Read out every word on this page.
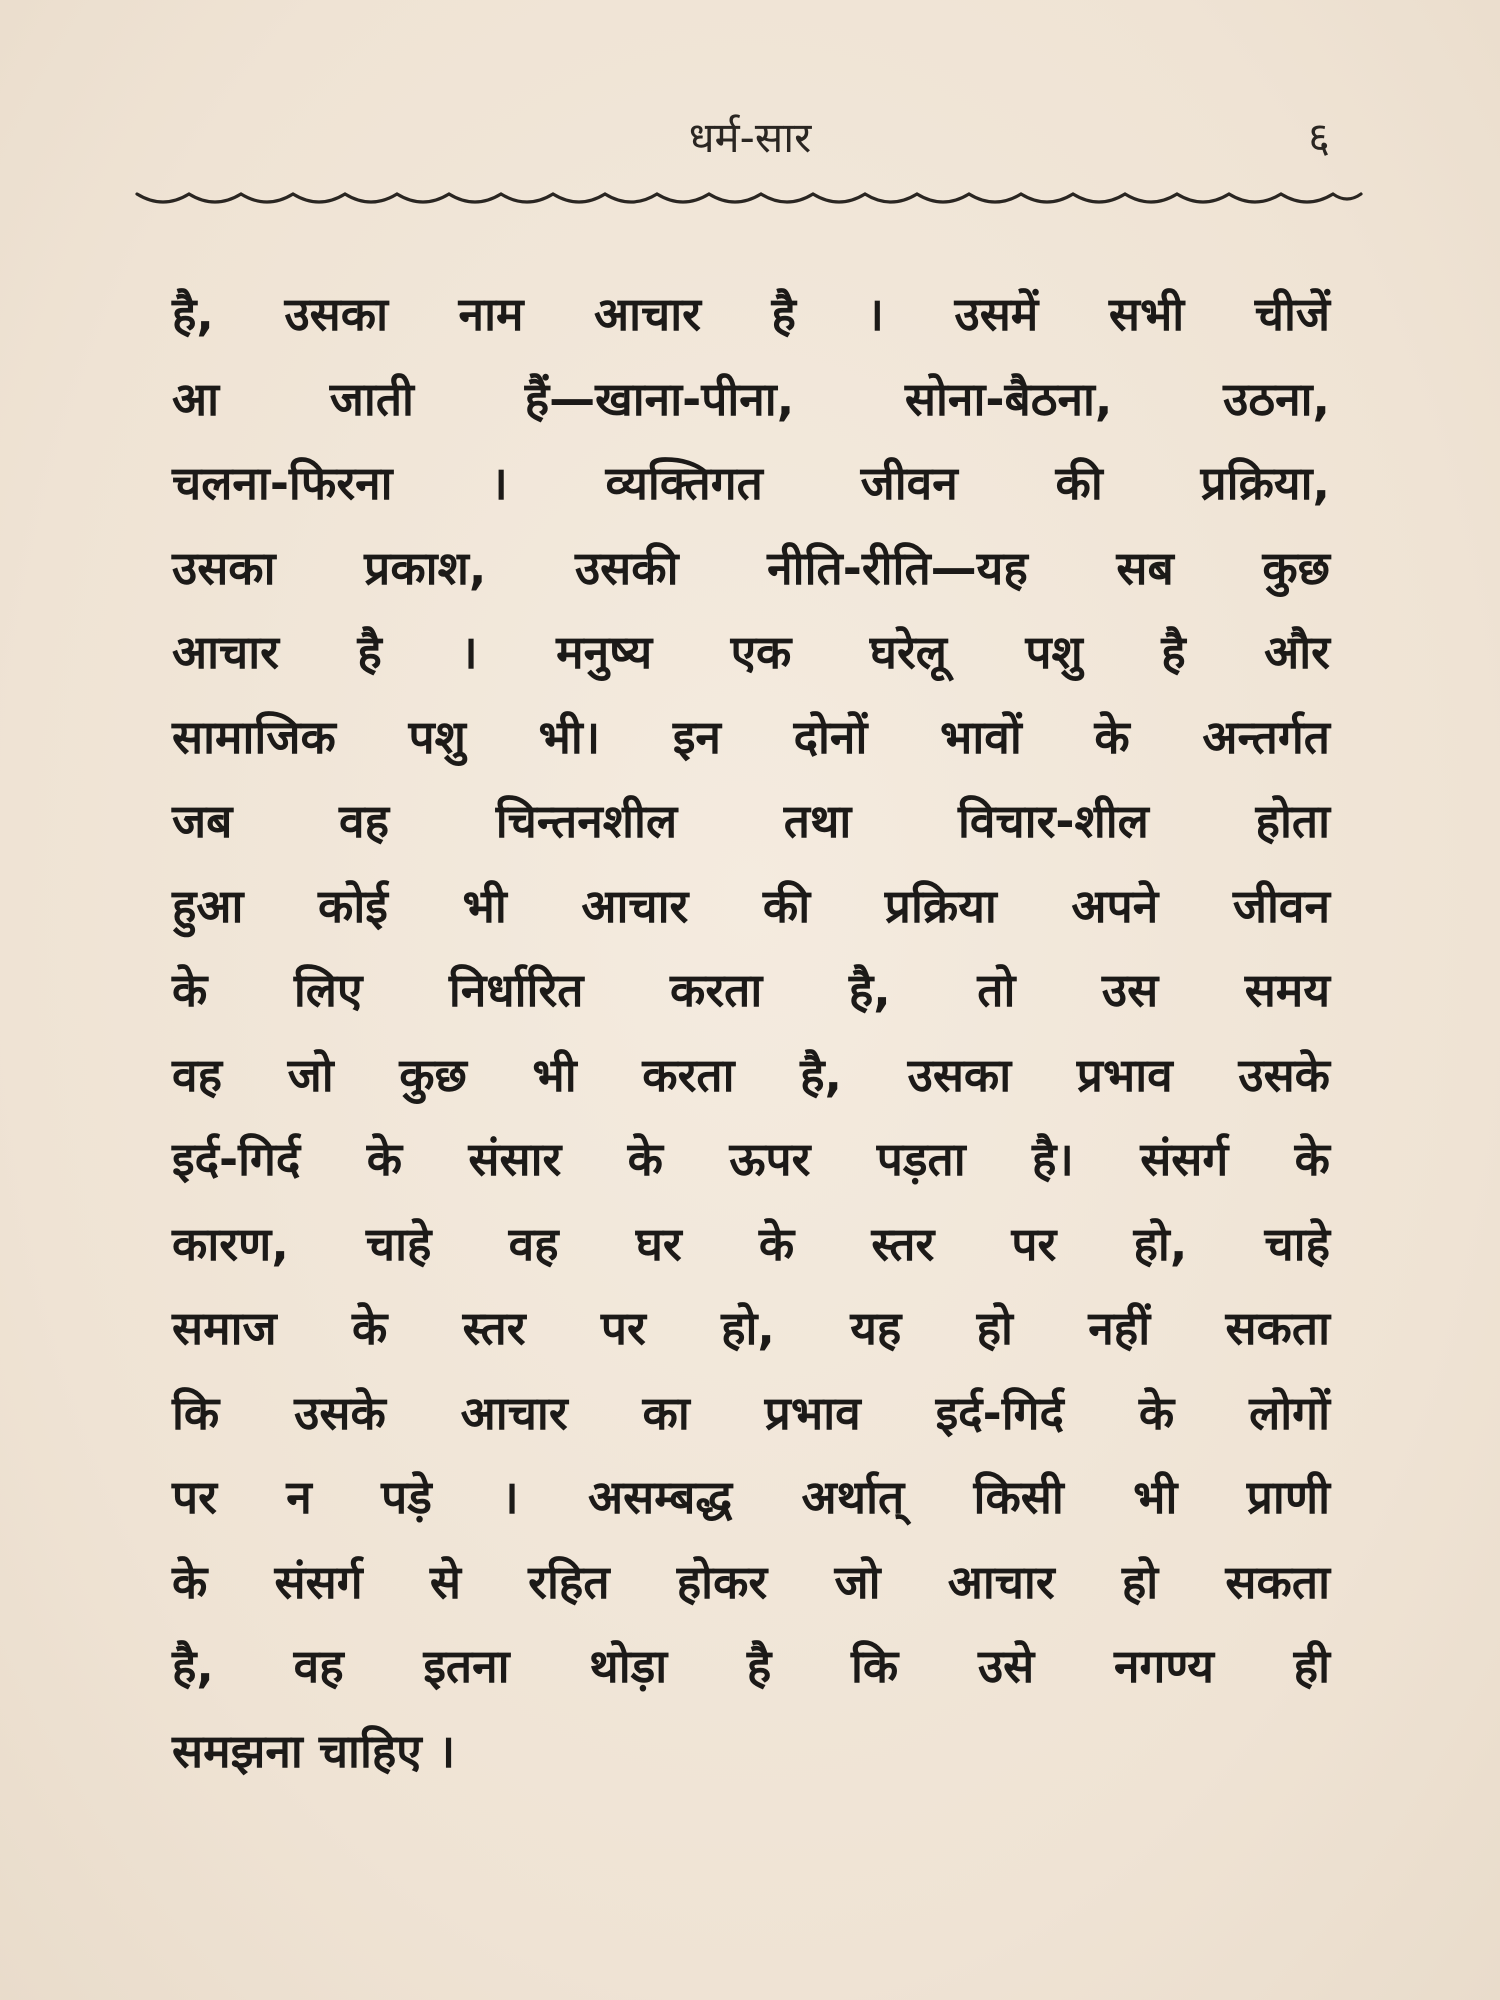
धर्म-सार	६
है, उसका नाम आचार है । उसमें सभी चीजें
आ जाती हैं—खाना-पीना, सोना-बैठना, उठना,
चलना-फिरना । व्यक्तिगत जीवन की प्रक्रिया,
उसका प्रकाश, उसकी नीति-रीति—यह सब कुछ
आचार है । मनुष्य एक घरेलू पशु है और
सामाजिक पशु भी। इन दोनों भावों के अन्तर्गत
जब वह चिन्तनशील तथा विचार-शील होता
हुआ कोई भी आचार की प्रक्रिया अपने जीवन
के लिए निर्धारित करता है, तो उस समय
वह जो कुछ भी करता है, उसका प्रभाव उसके
इर्द-गिर्द के संसार के ऊपर पड़ता है। संसर्ग के
कारण, चाहे वह घर के स्तर पर हो, चाहे
समाज के स्तर पर हो, यह हो नहीं सकता
कि उसके आचार का प्रभाव इर्द-गिर्द के लोगों
पर न पड़े । असम्बद्ध अर्थात् किसी भी प्राणी
के संसर्ग से रहित होकर जो आचार हो सकता
है, वह इतना थोड़ा है कि उसे नगण्य ही
समझना चाहिए ।
